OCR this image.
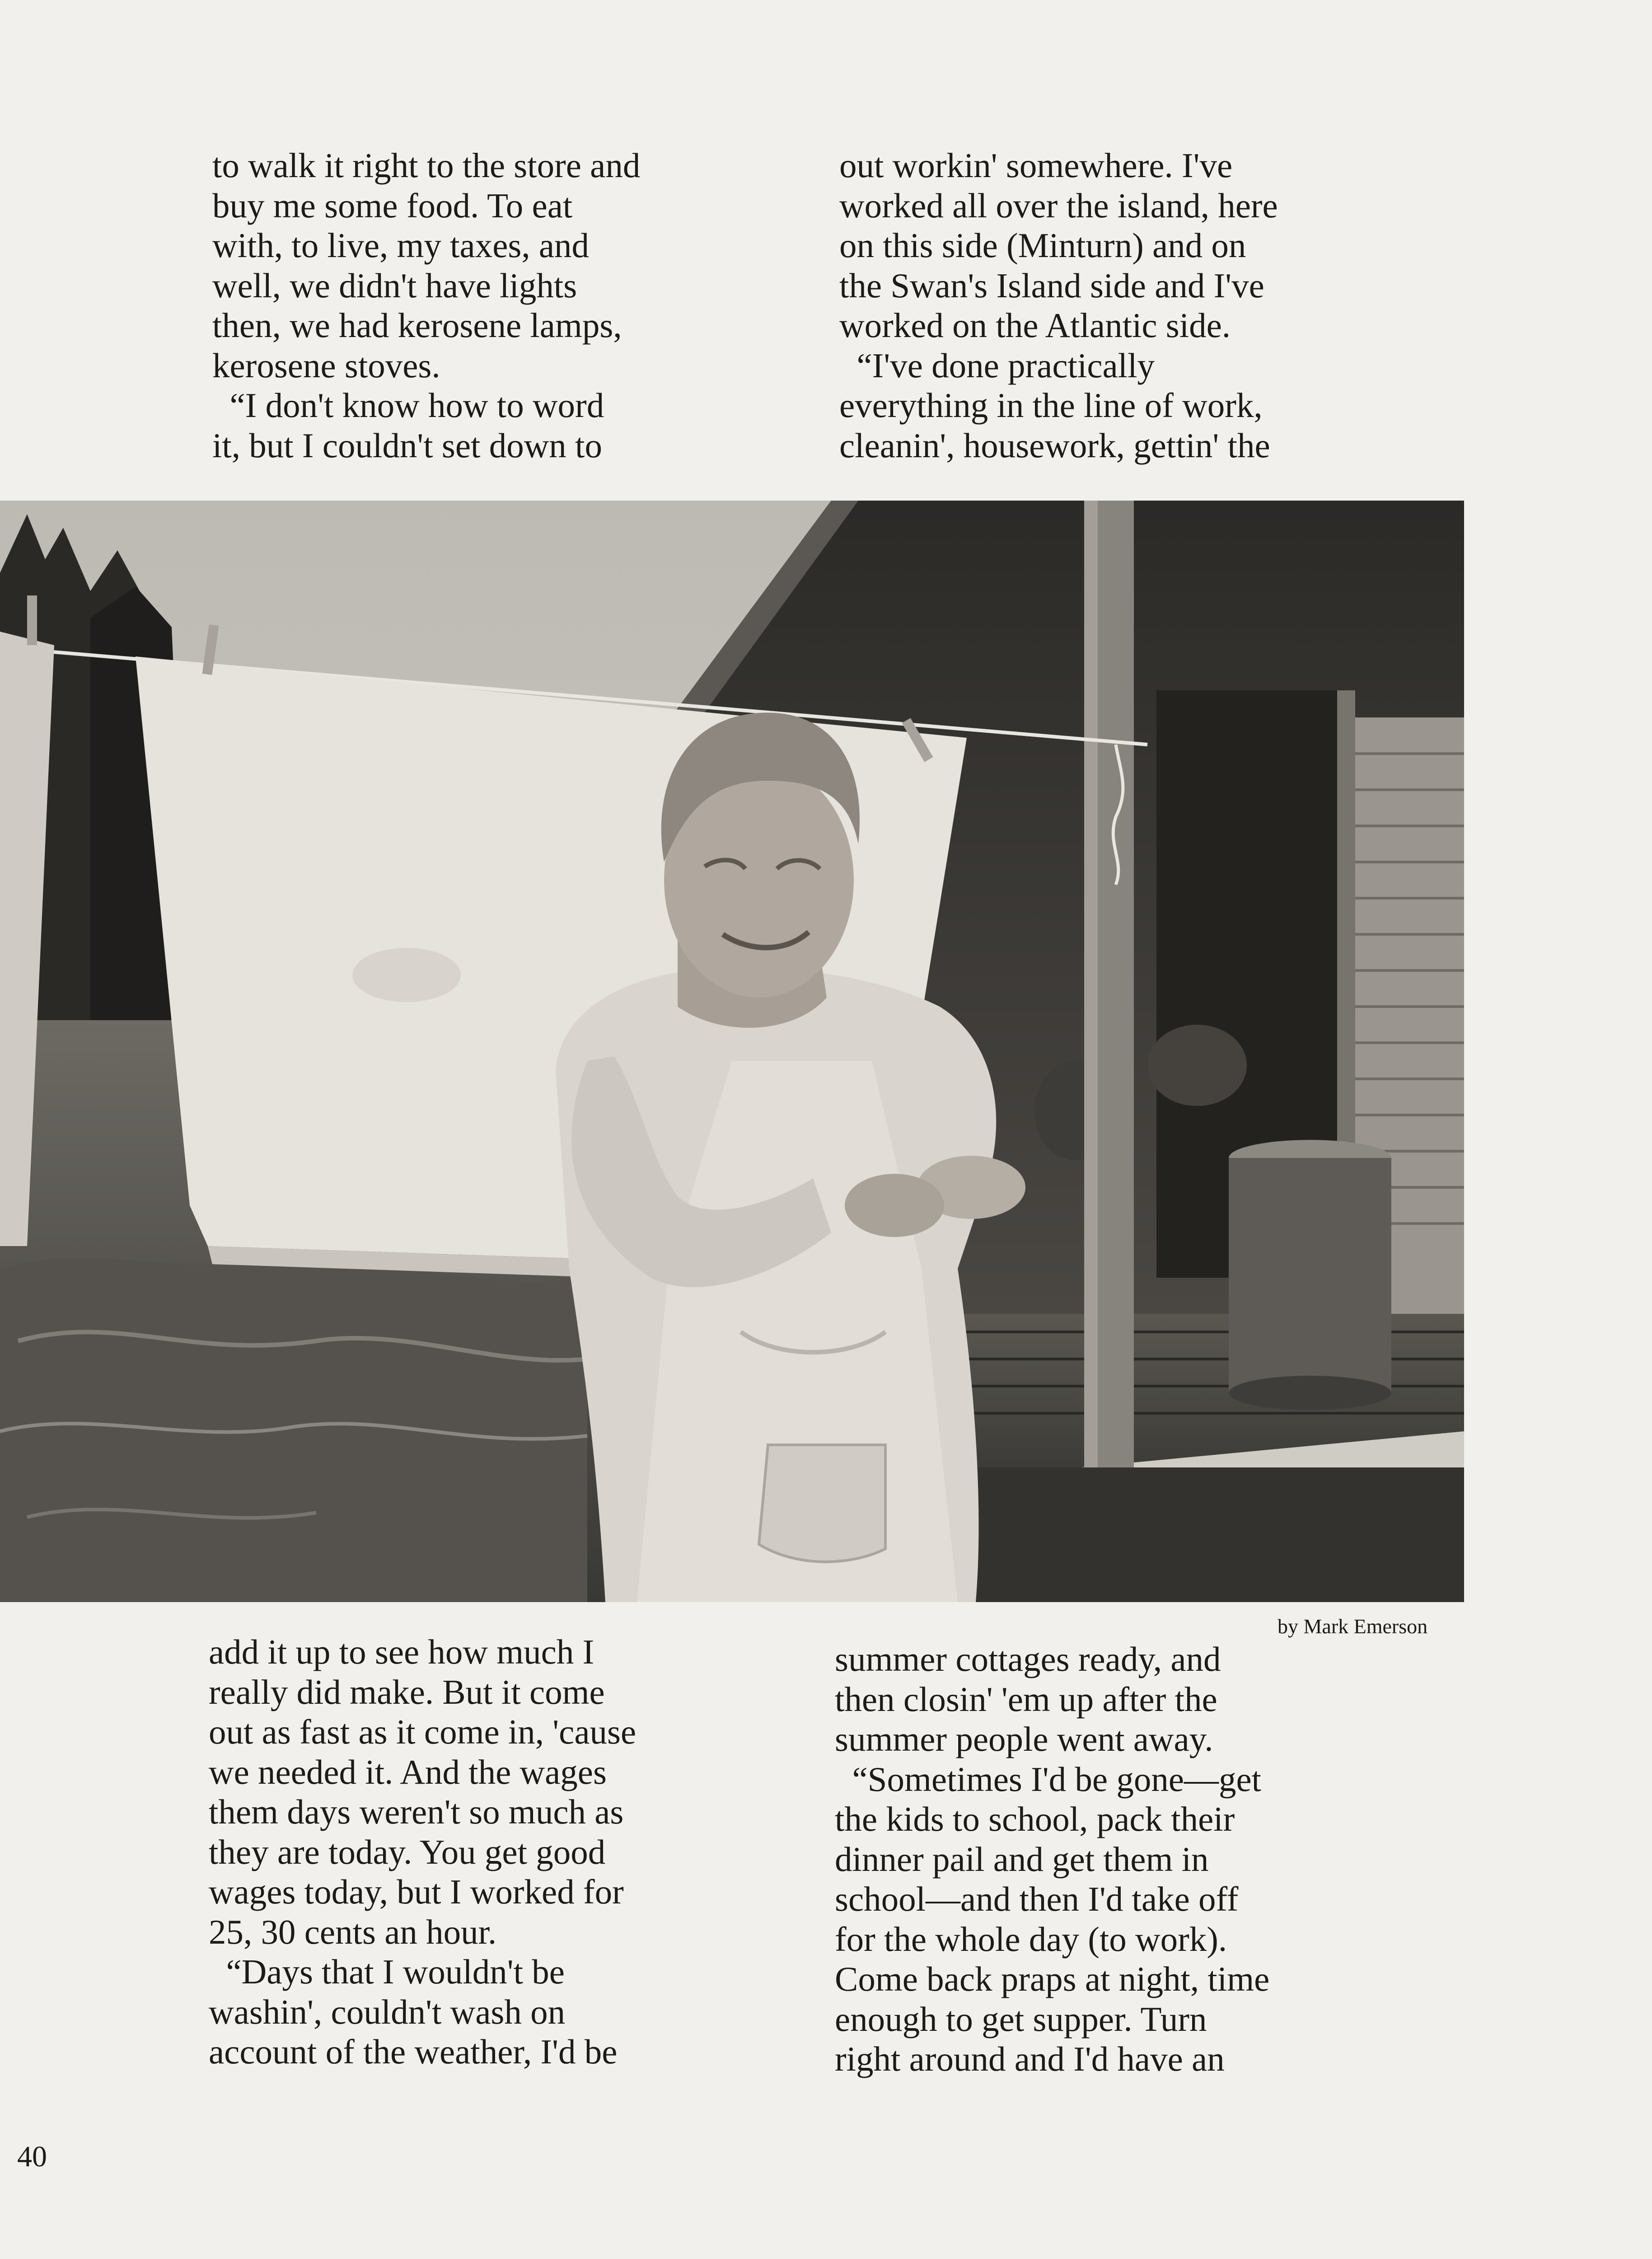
to walk it right to the store and
buy me some food. To eat
with, to live, my taxes, and
well, we didn't have lights
then, we had kerosene lamps,
kerosene stoves.
“I don't know how to word
it, but I couldn't set down to
out workin' somewhere. I've
worked all over the island, here
on this side (Minturn) and on
the Swan's Island side and I've
worked on the Atlantic side.
“I've done practically
everything in the line of work,
cleanin', housework, gettin' the
by Mark Emerson
add it up to see how much I
really did make. But it come
out as fast as it come in, 'cause
we needed it. And the wages
them days weren't so much as
they are today. You get good
wages today, but I worked for
25, 30 cents an hour.
“Days that I wouldn't be
washin', couldn't wash on
account of the weather, I'd be
summer cottages ready, and
then closin' 'em up after the
summer people went away.
“Sometimes I'd be gone—get
the kids to school, pack their
dinner pail and get them in
school—and then I'd take off
for the whole day (to work).
Come back praps at night, time
enough to get supper. Turn
right around and I'd have an
40
